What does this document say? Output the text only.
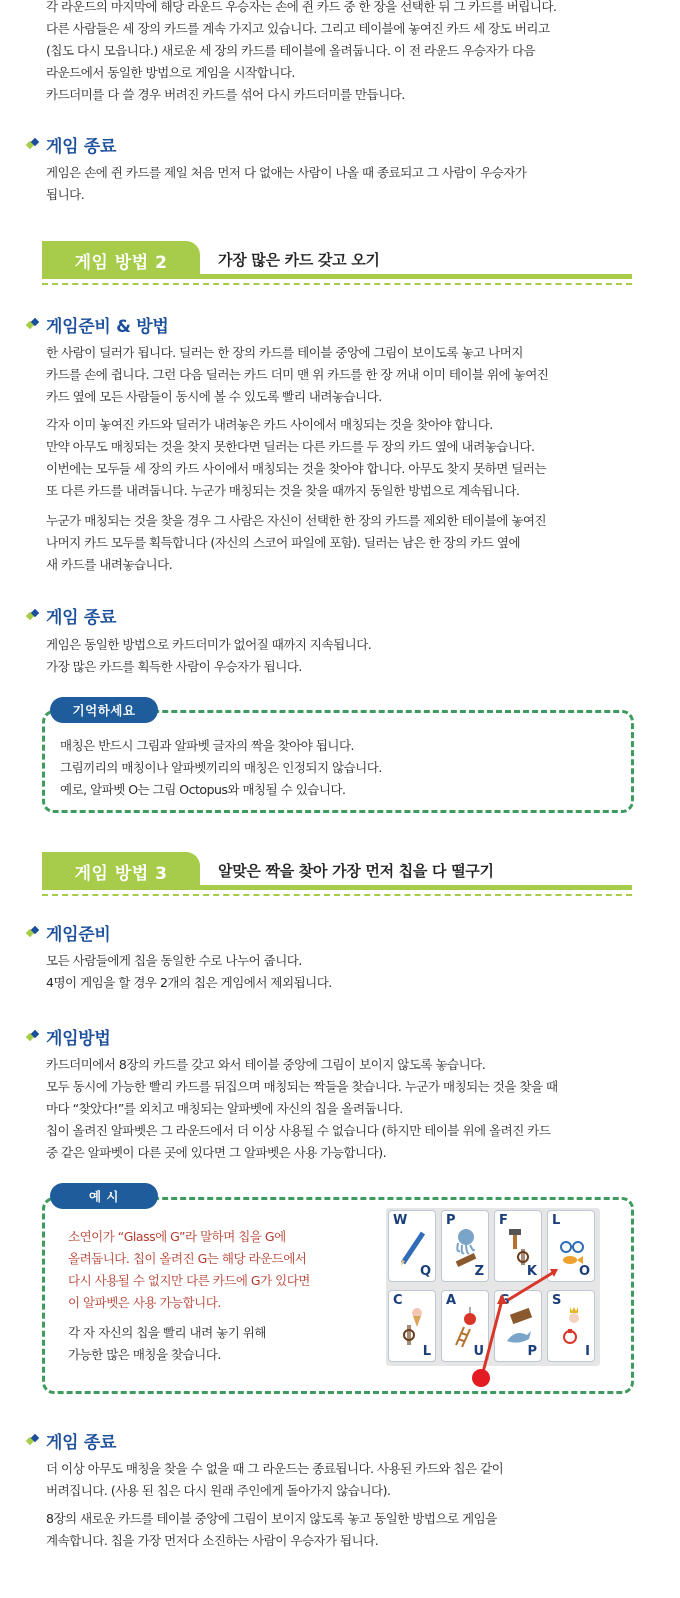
각 라운드의 마지막에 해당 라운드 우승자는 손에 쥔 카드 중 한 장을 선택한 뒤 그 카드를 버립니다.
다른 사람들은 세 장의 카드를 계속 가지고 있습니다. 그리고 테이블에 놓여진 카드 세 장도 버리고
(칩도 다시 모읍니다.) 새로운 세 장의 카드를 테이블에 올려둡니다. 이 전 라운드 우승자가 다음
라운드에서 동일한 방법으로 게임을 시작합니다.
카드더미를 다 쓸 경우 버려진 카드를 섞어 다시 카드더미를 만듭니다.
게임 종료
게임은 손에 쥔 카드를 제일 처음 먼저 다 없애는 사람이 나올 때 종료되고 그 사람이 우승자가
됩니다.
게임 방법 2	가장 많은 카드 갖고 오기
게임준비 & 방법
한 사람이 딜러가 됩니다. 딜러는 한 장의 카드를 테이블 중앙에 그림이 보이도록 놓고 나머지
카드를 손에 쥡니다. 그런 다음 딜러는 카드 더미 맨 위 카드를 한 장 꺼내 이미 테이블 위에 놓여진
카드 옆에 모든 사람들이 동시에 볼 수 있도록 빨리 내려놓습니다.
각자 이미 놓여진 카드와 딜러가 내려놓은 카드 사이에서 매칭되는 것을 찾아야 합니다.
만약 아무도 매칭되는 것을 찾지 못한다면 딜러는 다른 카드를 두 장의 카드 옆에 내려놓습니다.
이번에는 모두들 세 장의 카드 사이에서 매칭되는 것을 찾아야 합니다. 아무도 찾지 못하면 딜러는
또 다른 카드를 내려둡니다. 누군가 매칭되는 것을 찾을 때까지 동일한 방법으로 계속됩니다.
누군가 매칭되는 것을 찾을 경우 그 사람은 자신이 선택한 한 장의 카드를 제외한 테이블에 놓여진
나머지 카드 모두를 획득합니다 (자신의 스코어 파일에 포함). 딜러는 남은 한 장의 카드 옆에
새 카드를 내려놓습니다.
게임 종료
게임은 동일한 방법으로 카드더미가 없어질 때까지 지속됩니다.
가장 많은 카드를 획득한 사람이 우승자가 됩니다.
기억하세요
매칭은 반드시 그림과 알파벳 글자의 짝을 찾아야 됩니다.
그림끼리의 매칭이나 알파벳끼리의 매칭은 인정되지 않습니다.
예로, 알파벳 O는 그림 Octopus와 매칭될 수 있습니다.
게임 방법 3	알맞은 짝을 찾아 가장 먼저 칩을 다 떨구기
게임준비
모든 사람들에게 칩을 동일한 수로 나누어 줍니다.
4명이 게임을 할 경우 2개의 칩은 게임에서 제외됩니다.
게임방법
카드더미에서 8장의 카드를 갖고 와서 테이블 중앙에 그림이 보이지 않도록 놓습니다.
모두 동시에 가능한 빨리 카드를 뒤집으며 매칭되는 짝들을 찾습니다. 누군가 매칭되는 것을 찾을 때
마다 “찾았다!”를 외치고 매칭되는 알파벳에 자신의 칩을 올려둡니다.
칩이 올려진 알파벳은 그 라운드에서 더 이상 사용될 수 없습니다 (하지만 테이블 위에 올려진 카드
중 같은 알파벳이 다른 곳에 있다면 그 알파벳은 사용 가능합니다).
예 시
소연이가 “Glass에 G”라 말하며 칩을 G에
올려둡니다. 칩이 올려진 G는 해당 라운드에서
다시 사용될 수 없지만 다른 카드에 G가 있다면
이 알파벳은 사용 가능합니다.
각 자 자신의 칩을 빨리 내려 놓기 위해
가능한 많은 매칭을 찾습니다.
W
Q
P
Z
F
K
L
O
C
L
A
U	P
S
I
게임 종료
더 이상 아무도 매칭을 찾을 수 없을 때 그 라운드는 종료됩니다. 사용된 카드와 칩은 같이
버려집니다. (사용 된 칩은 다시 원래 주인에게 돌아가지 않습니다).
8장의 새로운 카드를 테이블 중앙에 그림이 보이지 않도록 놓고 동일한 방법으로 게임을
계속합니다. 칩을 가장 먼저다 소진하는 사람이 우승자가 됩니다.
